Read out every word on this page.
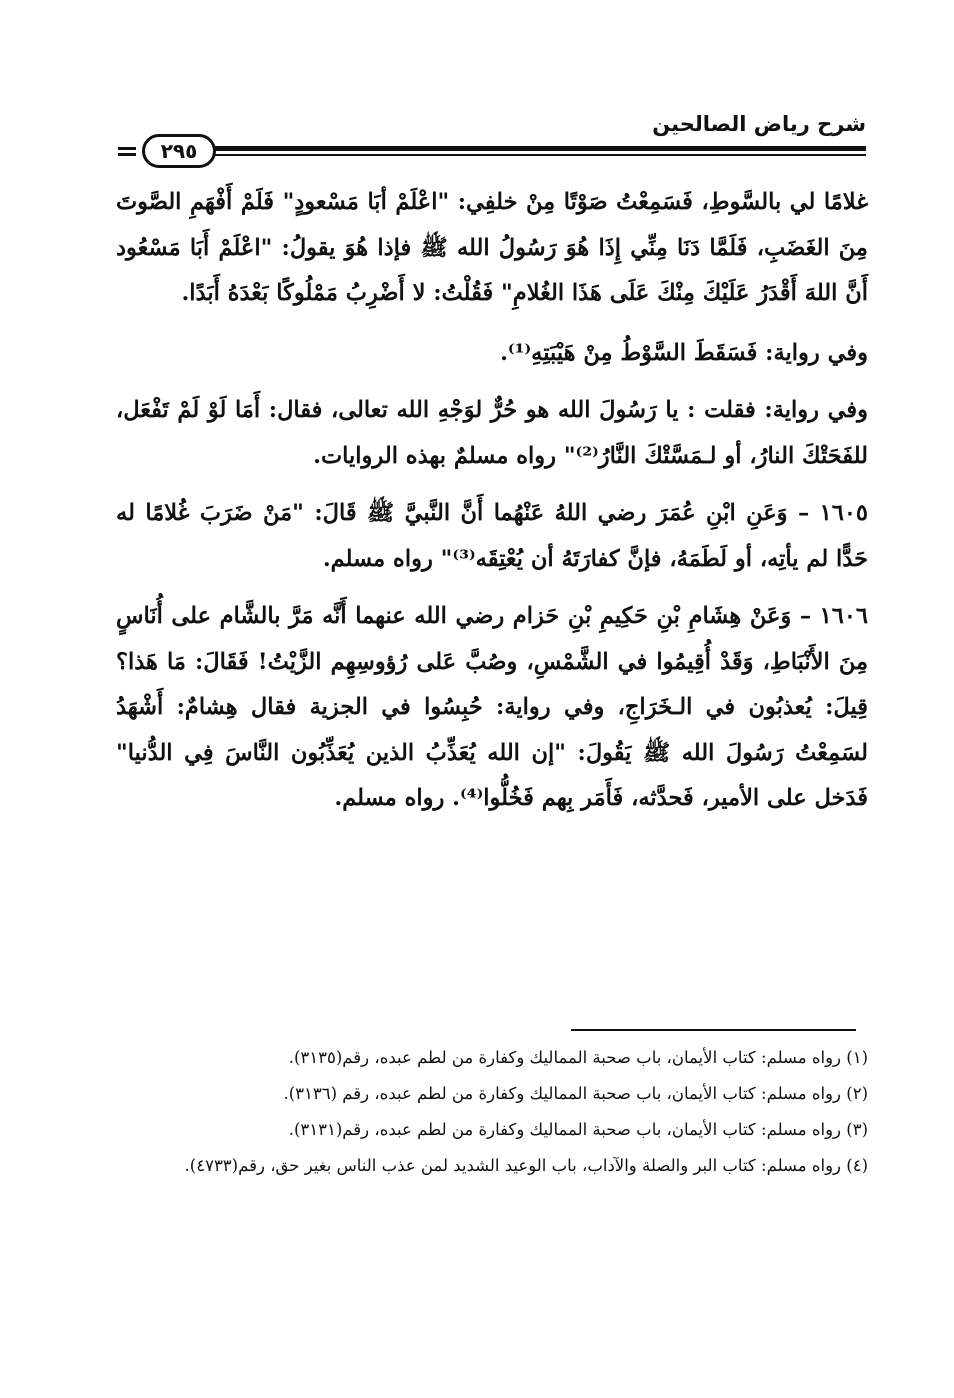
شرح رياض الصالحين
٢٩٥

غلامًا لي بالسَّوطِ، فَسَمِعْتُ صَوْتًا مِنْ خلفِي: "اعْلَمْ أبَا مَسْعودٍ" فَلَمْ أَفْهَمِ الصَّوتَ مِنَ الغَضَبِ، فَلَمَّا دَنَا مِنِّي إِذَا هُوَ رَسُولُ الله ﷺ فإذا هُوَ يقولُ: "اعْلَمْ أَبَا مَسْعُود أَنَّ اللهَ أَقْدَرُ عَلَيْكَ مِنْكَ عَلَى هَذَا الغُلامِ" فَقُلْتُ: لا أَضْرِبُ مَمْلُوكًا بَعْدَهُ أَبَدًا.

وفي رواية: فَسَقَطَ السَّوْطُ مِنْ هَيْبَتِهِ⁽¹⁾.

وفي رواية: فقلت : يا رَسُولَ الله هو حُرٌّ لوَجْهِ الله تعالى، فقال: أَمَا لَوْ لَمْ تَفْعَل، للفَحَتْكَ النارُ، أو لـمَسَّتْكَ النَّارُ⁽²⁾" رواه مسلمٌ بهذه الروايات.

١٦٠٥ – وَعَنِ ابْنِ عُمَرَ رضي اللهُ عَنْهُما أَنَّ النَّبيَّ ﷺ قَالَ: "مَنْ ضَرَبَ غُلامًا له حَدًّا لم يأتِه، أو لَطَمَهُ، فإنَّ كفارَتَهُ أن يُعْتِقَه⁽³⁾" رواه مسلم.

١٦٠٦ – وَعَنْ هِشَامِ بْنِ حَكِيمِ بْنِ حَزام رضي الله عنهما أَنَّه مَرَّ بالشَّام على أُنَاسٍ مِنَ الأَنْبَاطِ، وَقَدْ أُقِيمُوا في الشَّمْسِ، وصُبَّ عَلى رُؤوسِهِم الزَّيْتُ! فَقَالَ: مَا هَذا؟ قِيلَ: يُعذبُون في الـخَرَاجِ، وفي رواية: حُبِسُوا في الجزية فقال هِشامٌ: أَشْهَدُ لسَمِعْتُ رَسُولَ الله ﷺ يَقُولَ: "إن الله يُعَذِّبُ الذين يُعَذِّبُون النَّاسَ فِي الدُّنيا" فَدَخل على الأمير، فَحدَّثه، فَأَمَر بِهم فَخُلُّوا⁽⁴⁾. رواه مسلم.

(١) رواه مسلم: كتاب الأيمان، باب صحبة المماليك وكفارة من لطم عبده، رقم(٣١٣٥).

(٢) رواه مسلم: كتاب الأيمان، باب صحبة المماليك وكفارة من لطم عبده، رقم (٣١٣٦).

(٣) رواه مسلم: كتاب الأيمان، باب صحبة المماليك وكفارة من لطم عبده، رقم(٣١٣١).

(٤) رواه مسلم: كتاب البر والصلة والآداب، باب الوعيد الشديد لمن عذب الناس بغير حق، رقم(٤٧٣٣).
